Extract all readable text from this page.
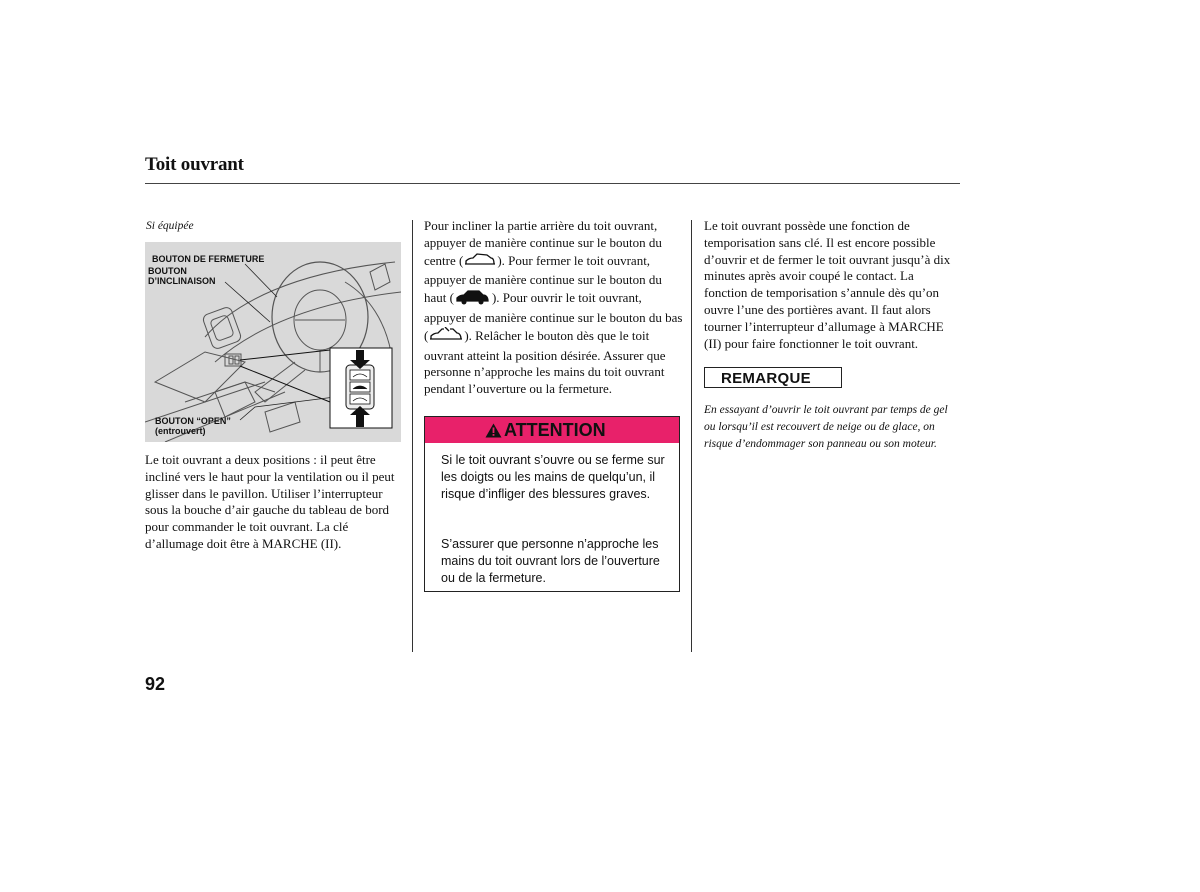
Toit ouvrant
Si équipée
BOUTON DE FERMETURE
BOUTON
D’INCLINAISON
BOUTON “OPEN”
(entrouvert)
Le toit ouvrant a deux positions : il peut être incliné vers le haut pour la ventilation ou il peut glisser dans le pavillon. Utiliser l’interrupteur sous la bouche d’air gauche du tableau de bord pour commander le toit ouvrant. La clé d’allumage doit être à MARCHE (II).
Pour incliner la partie arrière du toit ouvrant, appuyer de manière continue sur le bouton du centre (	). Pour fermer le toit ouvrant, appuyer de manière continue sur le bouton du haut (	). Pour ouvrir le toit ouvrant, appuyer de manière continue sur le bouton du bas (	). Relâcher le bouton dès que le toit ouvrant atteint la position désirée. Assurer que personne n’approche les mains du toit ouvrant pendant l’ouverture ou la fermeture.
ATTENTION
Si le toit ouvrant s’ouvre ou se ferme sur les doigts ou les mains de quelqu’un, il risque d’infliger des blessures graves.
S’assurer que personne n’approche les mains du toit ouvrant lors de l’ouverture ou de la fermeture.
Le toit ouvrant possède une fonction de temporisation sans clé. Il est encore possible d’ouvrir et de fermer le toit ouvrant jusqu’à dix minutes après avoir coupé le contact. La fonction de temporisation s’annule dès qu’on ouvre l’une des portières avant. Il faut alors tourner l’interrupteur d’allumage à MARCHE (II) pour faire fonctionner le toit ouvrant.
REMARQUE
En essayant d’ouvrir le toit ouvrant par temps de gel ou lorsqu’il est recouvert de neige ou de glace, on risque d’endommager son panneau ou son moteur.
92
